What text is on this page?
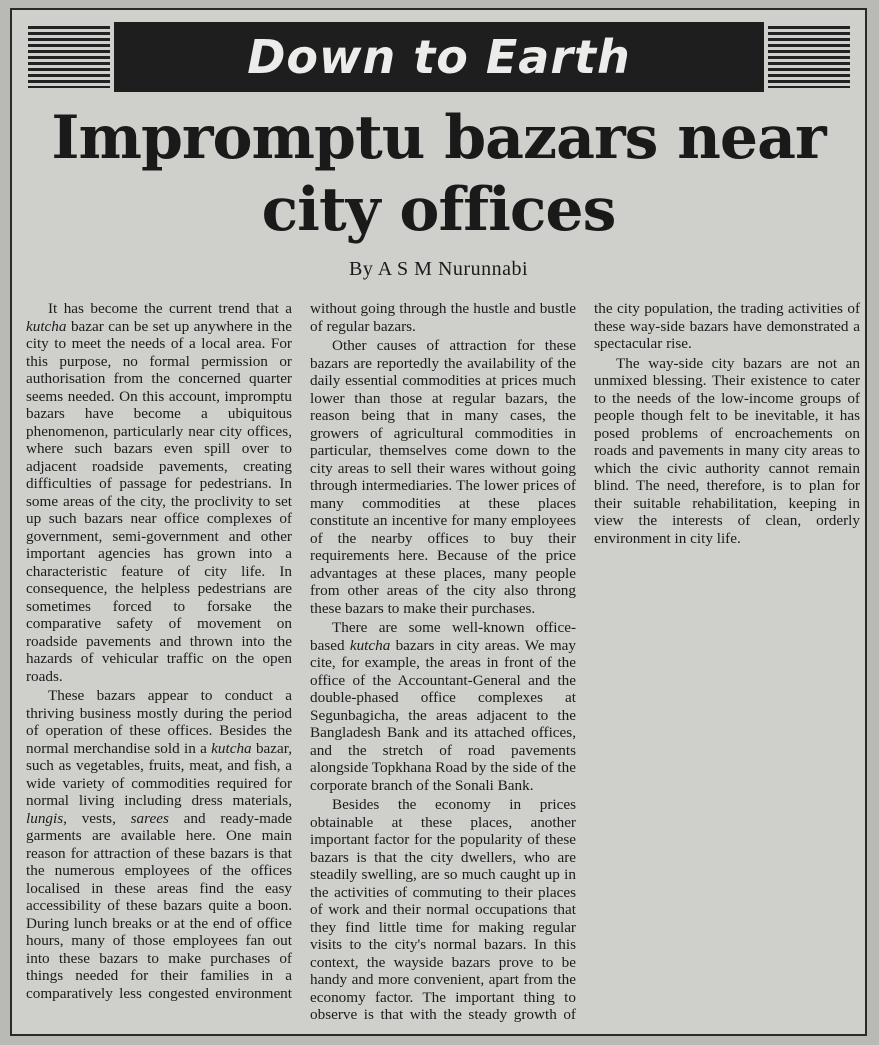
Down to Earth
Impromptu bazars near city offices
By A S M Nurunnabi

It has become the current trend that a kutcha bazar can be set up anywhere in the city to meet the needs of a local area. For this purpose, no formal permission or authorisation from the concerned quarter seems needed. On this account, impromptu bazars have become a ubiquitous phenomenon, particularly near city offices, where such bazars even spill over to adjacent roadside pavements, creating difficulties of passage for pedestrians. In some areas of the city, the proclivity to set up such bazars near office complexes of government, semi-government and other important agencies has grown into a characteristic feature of city life. In consequence, the helpless pedestrians are sometimes forced to forsake the comparative safety of movement on roadside pavements and thrown into the hazards of vehicular traffic on the open roads.

These bazars appear to conduct a thriving business mostly during the period of operation of these offices. Besides the normal merchandise sold in a kutcha bazar, such as vegetables, fruits, meat, and fish, a wide variety of commodities required for normal living including dress materials, lungis, vests, sarees and ready-made garments are available here. One main reason for attraction of these bazars is that the numerous employees of the offices localised in these areas find the easy accessibility of these bazars quite a boon. During lunch breaks or at the end of office hours, many of those employees fan out into these bazars to make purchases of things needed for their families in a comparatively less congested environment without going through the hustle and bustle of regular bazars.

Other causes of attraction for these bazars are reportedly the availability of the daily essential commodities at prices much lower than those at regular bazars, the reason being that in many cases, the growers of agricultural commodities in particular, themselves come down to the city areas to sell their wares without going through intermediaries. The lower prices of many commodities at these places constitute an incentive for many employees of the nearby offices to buy their requirements here. Because of the price advantages at these places, many people from other areas of the city also throng these bazars to make their purchases.

There are some well-known office-based kutcha bazars in city areas. We may cite, for example, the areas in front of the office of the Accountant-General and the double-phased office complexes at Segunbagicha, the areas adjacent to the Bangladesh Bank and its attached offices, and the stretch of road pavements alongside Topkhana Road by the side of the corporate branch of the Sonali Bank.

Besides the economy in prices obtainable at these places, another important factor for the popularity of these bazars is that the city dwellers, who are steadily swelling, are so much caught up in the activities of commuting to their places of work and their normal occupations that they find little time for making regular visits to the city's normal bazars. In this context, the wayside bazars prove to be handy and more convenient, apart from the economy factor. The important thing to observe is that with the steady growth of the city population, the trading activities of these way-side bazars have demonstrated a spectacular rise.

The way-side city bazars are not an unmixed blessing. Their existence to cater to the needs of the low-income groups of people though felt to be inevitable, it has posed problems of encroachements on roads and pavements in many city areas to which the civic authority cannot remain blind. The need, therefore, is to plan for their suitable rehabilitation, keeping in view the interests of clean, orderly environment in city life.
